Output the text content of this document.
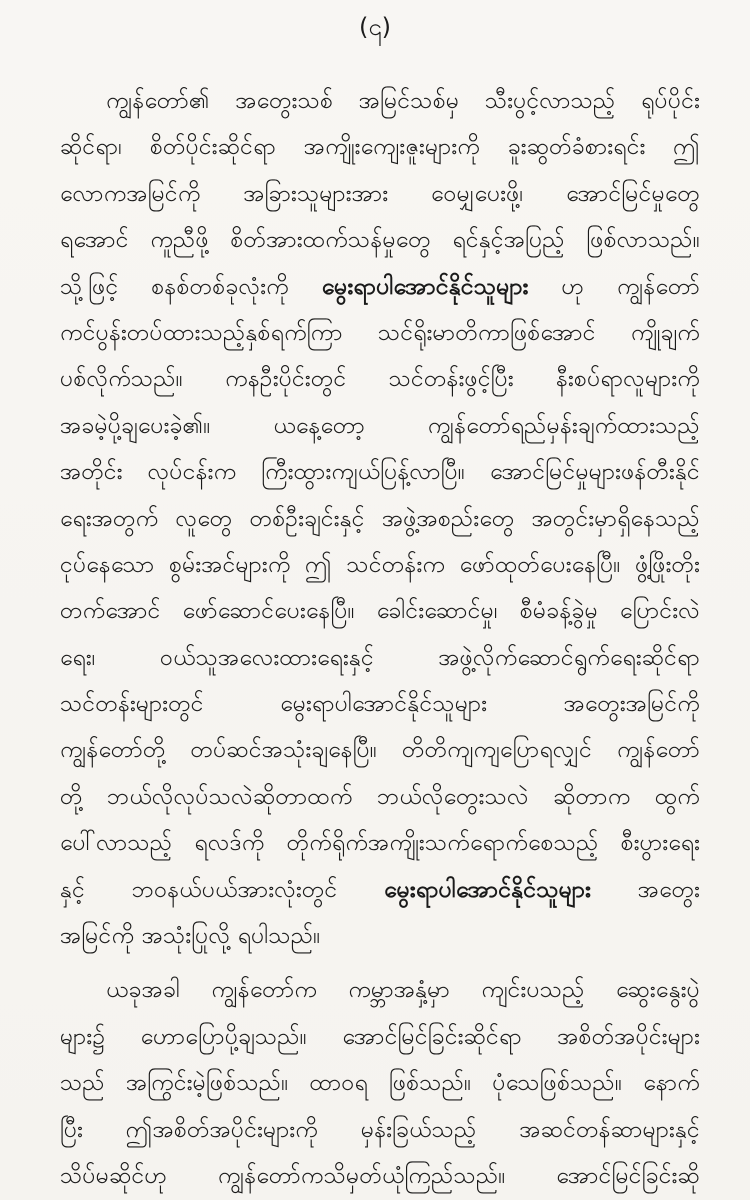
(၎)
ကျွန်တော်၏ အတွေးသစ် အမြင်သစ်မှ သီးပွင့်လာသည့် ရုပ်ပိုင်း
ဆိုင်ရာ၊ စိတ်ပိုင်းဆိုင်ရာ အကျိုးကျေးဇူးများကို ခူးဆွတ်ခံစားရင်း ဤ
လောကအမြင်ကို အခြားသူများအား ဝေမျှပေးဖို့၊ အောင်မြင်မှုတွေ
ရအောင် ကူညီဖို့ စိတ်အားထက်သန်မှုတွေ ရင်နှင့်အပြည့် ဖြစ်လာသည်။
သို့ဖြင့် စနစ်တစ်ခုလုံးကို မွေးရာပါအောင်နိုင်သူများ ဟု ကျွန်တော်
ကင်ပွန်းတပ်ထားသည့်နှစ်ရက်ကြာ သင်ရိုးမာတိကာဖြစ်အောင် ကျိုချက်
ပစ်လိုက်သည်။ ကနဦးပိုင်းတွင် သင်တန်းဖွင့်ပြီး နီးစပ်ရာလူများကို
အခမဲ့ပို့ချပေးခဲ့၏။ ယနေ့တော့ ကျွန်တော်ရည်မှန်းချက်ထားသည့်
အတိုင်း လုပ်ငန်းက ကြီးထွားကျယ်ပြန့်လာပြီ။ အောင်မြင်မှုများဖန်တီးနိုင်
ရေးအတွက် လူတွေ တစ်ဦးချင်းနှင့် အဖွဲ့အစည်းတွေ အတွင်းမှာရှိနေသည့်
ငုပ်နေသော စွမ်းအင်များကို ဤ သင်တန်းက ဖော်ထုတ်ပေးနေပြီ။ ဖွံ့ဖြိုးတိုး
တက်အောင် ဖော်ဆောင်ပေးနေပြီ။ ခေါင်းဆောင်မှု၊ စီမံခန့်ခွဲမှု ပြောင်းလဲ
ရေး၊ ဝယ်သူအလေးထားရေးနှင့် အဖွဲ့လိုက်ဆောင်ရွက်ရေးဆိုင်ရာ
သင်တန်းများတွင် မွေးရာပါအောင်နိုင်သူများ အတွေးအမြင်ကို
ကျွန်တော်တို့ တပ်ဆင်အသုံးချနေပြီ။ တိတိကျကျပြောရလျှင် ကျွန်တော်
တို့ ဘယ်လိုလုပ်သလဲဆိုတာထက် ဘယ်လိုတွေးသလဲ ဆိုတာက ထွက်
ပေါ်လာသည့် ရလဒ်ကို တိုက်ရိုက်အကျိုးသက်ရောက်စေသည့် စီးပွားရေး
နှင့် ဘဝနယ်ပယ်အားလုံးတွင် မွေးရာပါအောင်နိုင်သူများ အတွေး
အမြင်ကို အသုံးပြုလို့ ရပါသည်။
ယခုအခါ ကျွန်တော်က ကမ္ဘာအနှံ့မှာ ကျင်းပသည့် ဆွေးနွေးပွဲ
များ၌ ဟောပြောပို့ချသည်။ အောင်မြင်ခြင်းဆိုင်ရာ အစိတ်အပိုင်းများ
သည် အကြွင်းမဲ့ဖြစ်သည်။ ထာဝရ ဖြစ်သည်။ ပုံသေဖြစ်သည်။ နောက်
ပြီး ဤအစိတ်အပိုင်းများကို မှန်းခြယ်သည့် အဆင်တန်ဆာများနှင့်
သိပ်မဆိုင်ဟု ကျွန်တော်ကသိမှတ်ယုံကြည်သည်။ အောင်မြင်ခြင်းဆို
